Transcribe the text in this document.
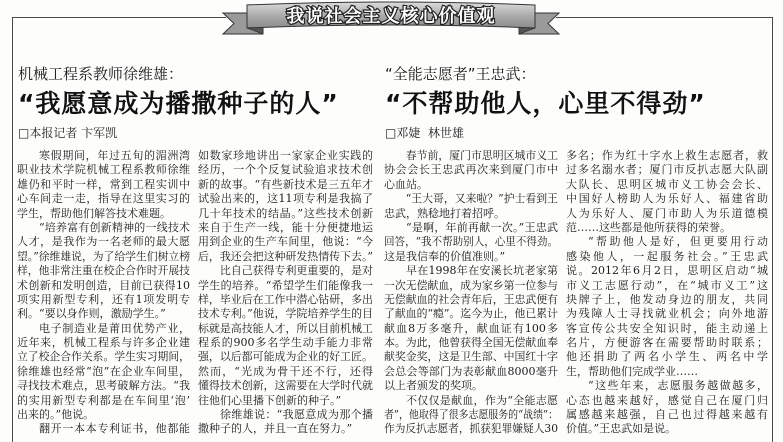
我说社会主义核心价值观
机械工程系教师徐维雄：
“我愿意成为播撒种子的人”
□本报记者 卞军凯
寒假期间，年过五旬的湄洲湾
职业技术学院机械工程系教师徐维
雄仍和平时一样，常到工程实训中
心车间走一走，指导在这里实习的
学生，帮助他们解答技术难题。
“培养富有创新精神的一线技术
人才，是我作为一名老师的最大愿
望。”徐维雄说，为了给学生们树立榜
样，他非常注重在校企合作时开展技
术创新和发明创造，目前已获得10
项实用新型专利，还有1项发明专
利。“要以身作则，激励学生。”
电子制造业是莆田优势产业，
近年来，机械工程系与许多企业建
立了校企合作关系。学生实习期间，
徐维雄也经常“泡”在企业车间里，
寻找技术难点，思考破解方法。“我
的实用新型专利都是在车间里‘泡’
出来的。”他说。
翻开一本本专利证书，他都能
如数家珍地讲出一家家企业实践的
经历，一个个反复试验追求技术创
新的故事。“有些新技术是三五年才
试验出来的，这11项专利是我搞了
几十年技术的结晶。”这些技术创新
来自于生产一线，能十分便捷地运
用到企业的生产车间里，他说：“今
后，我还会把这种研发热情传下去。”
比自己获得专利更重要的，是对
学生的培养。“希望学生们能像我一
样，毕业后在工作中潜心钻研，多出
技术专利。”他说，学院培养学生的目
标就是高技能人才，所以目前机械工
程系的900多名学生动手能力非常
强，以后都可能成为企业的好工匠。
然而，“光成为骨干还不行，还得
懂得技术创新，这需要在大学时代就
往他们心里播下创新的种子。”
徐维雄说：“我愿意成为那个播
撒种子的人，并且一直在努力。”
“全能志愿者”王忠武：
“不帮助他人，心里不得劲”
□邓婕  林世雄
春节前，厦门市思明区城市义工
协会会长王忠武再次来到厦门市中
心血站。
“王大哥，又来啦？”护士看到王
忠武，熟稔地打着招呼。
“是啊，年前再献一次。”王忠武
回答，“我不帮助别人，心里不得劲。
这是我信奉的价值准则。”
早在1998年在安溪长坑老家第
一次无偿献血，成为家乡第一位参与
无偿献血的社会青年后，王忠武便有
了献血的“瘾”。迄今为止，他已累计
献血8万多毫升，献血证有100多
本。为此，他曾获得全国无偿献血奉
献奖金奖，这是卫生部、中国红十字
会总会等部门为表彰献血8000毫升
以上者颁发的奖项。
不仅仅是献血，作为“全能志愿
者”，他取得了很多志愿服务的“战绩”：
作为反扒志愿者，抓获犯罪嫌疑人30
多名；作为红十字水上救生志愿者，救
过多名溺水者；厦门市反扒志愿大队副
大队长、思明区城市义工协会会长、
中国好人榜助人为乐好人、福建省助
人为乐好人、厦门市助人为乐道德模
范……这些都是他所获得的荣誉。
“帮助他人是好，但更要用行动
感染他人，一起服务社会。”王忠武
说。2012年6月2日，思明区启动“城
市义工志愿行动”，在“城市义工”这
块牌子上，他发动身边的朋友，共同
为残障人士寻找就业机会；向外地游
客宣传公共安全知识时，能主动递上
名片，方便游客在需要帮助时联系；
他还捐助了两名小学生、两名中学
生，帮助他们完成学业……
“这些年来，志愿服务越做越多，
心态也越来越好，感觉自己在厦门归
属感越来越强，自己也过得越来越有
价值。”王忠武如是说。
